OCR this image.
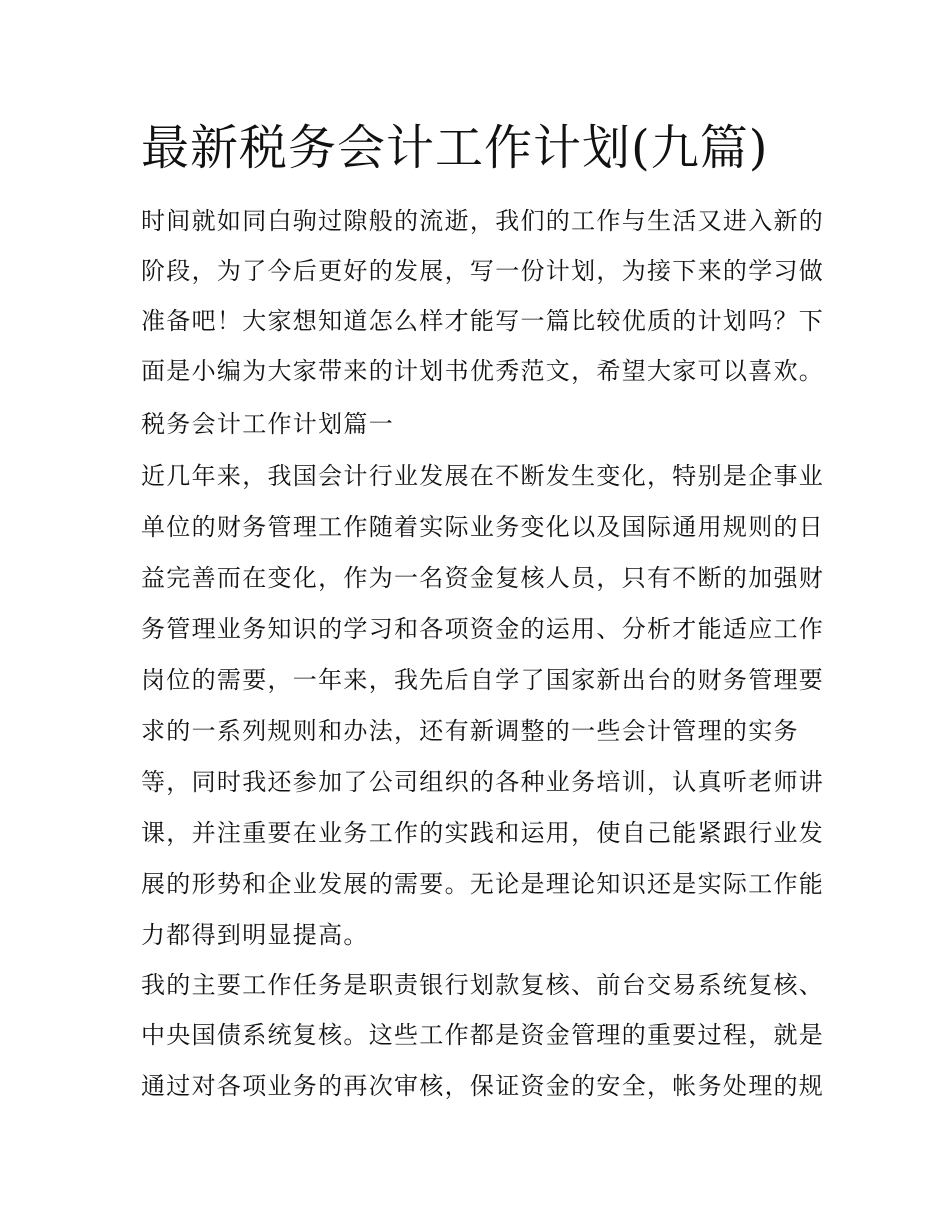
最新税务会计工作计划(九篇)

时间就如同白驹过隙般的流逝，我们的工作与生活又进入新的

阶段，为了今后更好的发展，写一份计划，为接下来的学习做

准备吧！大家想知道怎么样才能写一篇比较优质的计划吗？下

面是小编为大家带来的计划书优秀范文，希望大家可以喜欢。

税务会计工作计划篇一

近几年来，我国会计行业发展在不断发生变化，特别是企事业

单位的财务管理工作随着实际业务变化以及国际通用规则的日

益完善而在变化，作为一名资金复核人员，只有不断的加强财

务管理业务知识的学习和各项资金的运用、分析才能适应工作

岗位的需要，一年来，我先后自学了国家新出台的财务管理要

求的一系列规则和办法，还有新调整的一些会计管理的实务

等，同时我还参加了公司组织的各种业务培训，认真听老师讲

课，并注重要在业务工作的实践和运用，使自己能紧跟行业发

展的形势和企业发展的需要。无论是理论知识还是实际工作能

力都得到明显提高。

我的主要工作任务是职责银行划款复核、前台交易系统复核、

中央国债系统复核。这些工作都是资金管理的重要过程，就是

通过对各项业务的再次审核，保证资金的安全，帐务处理的规
